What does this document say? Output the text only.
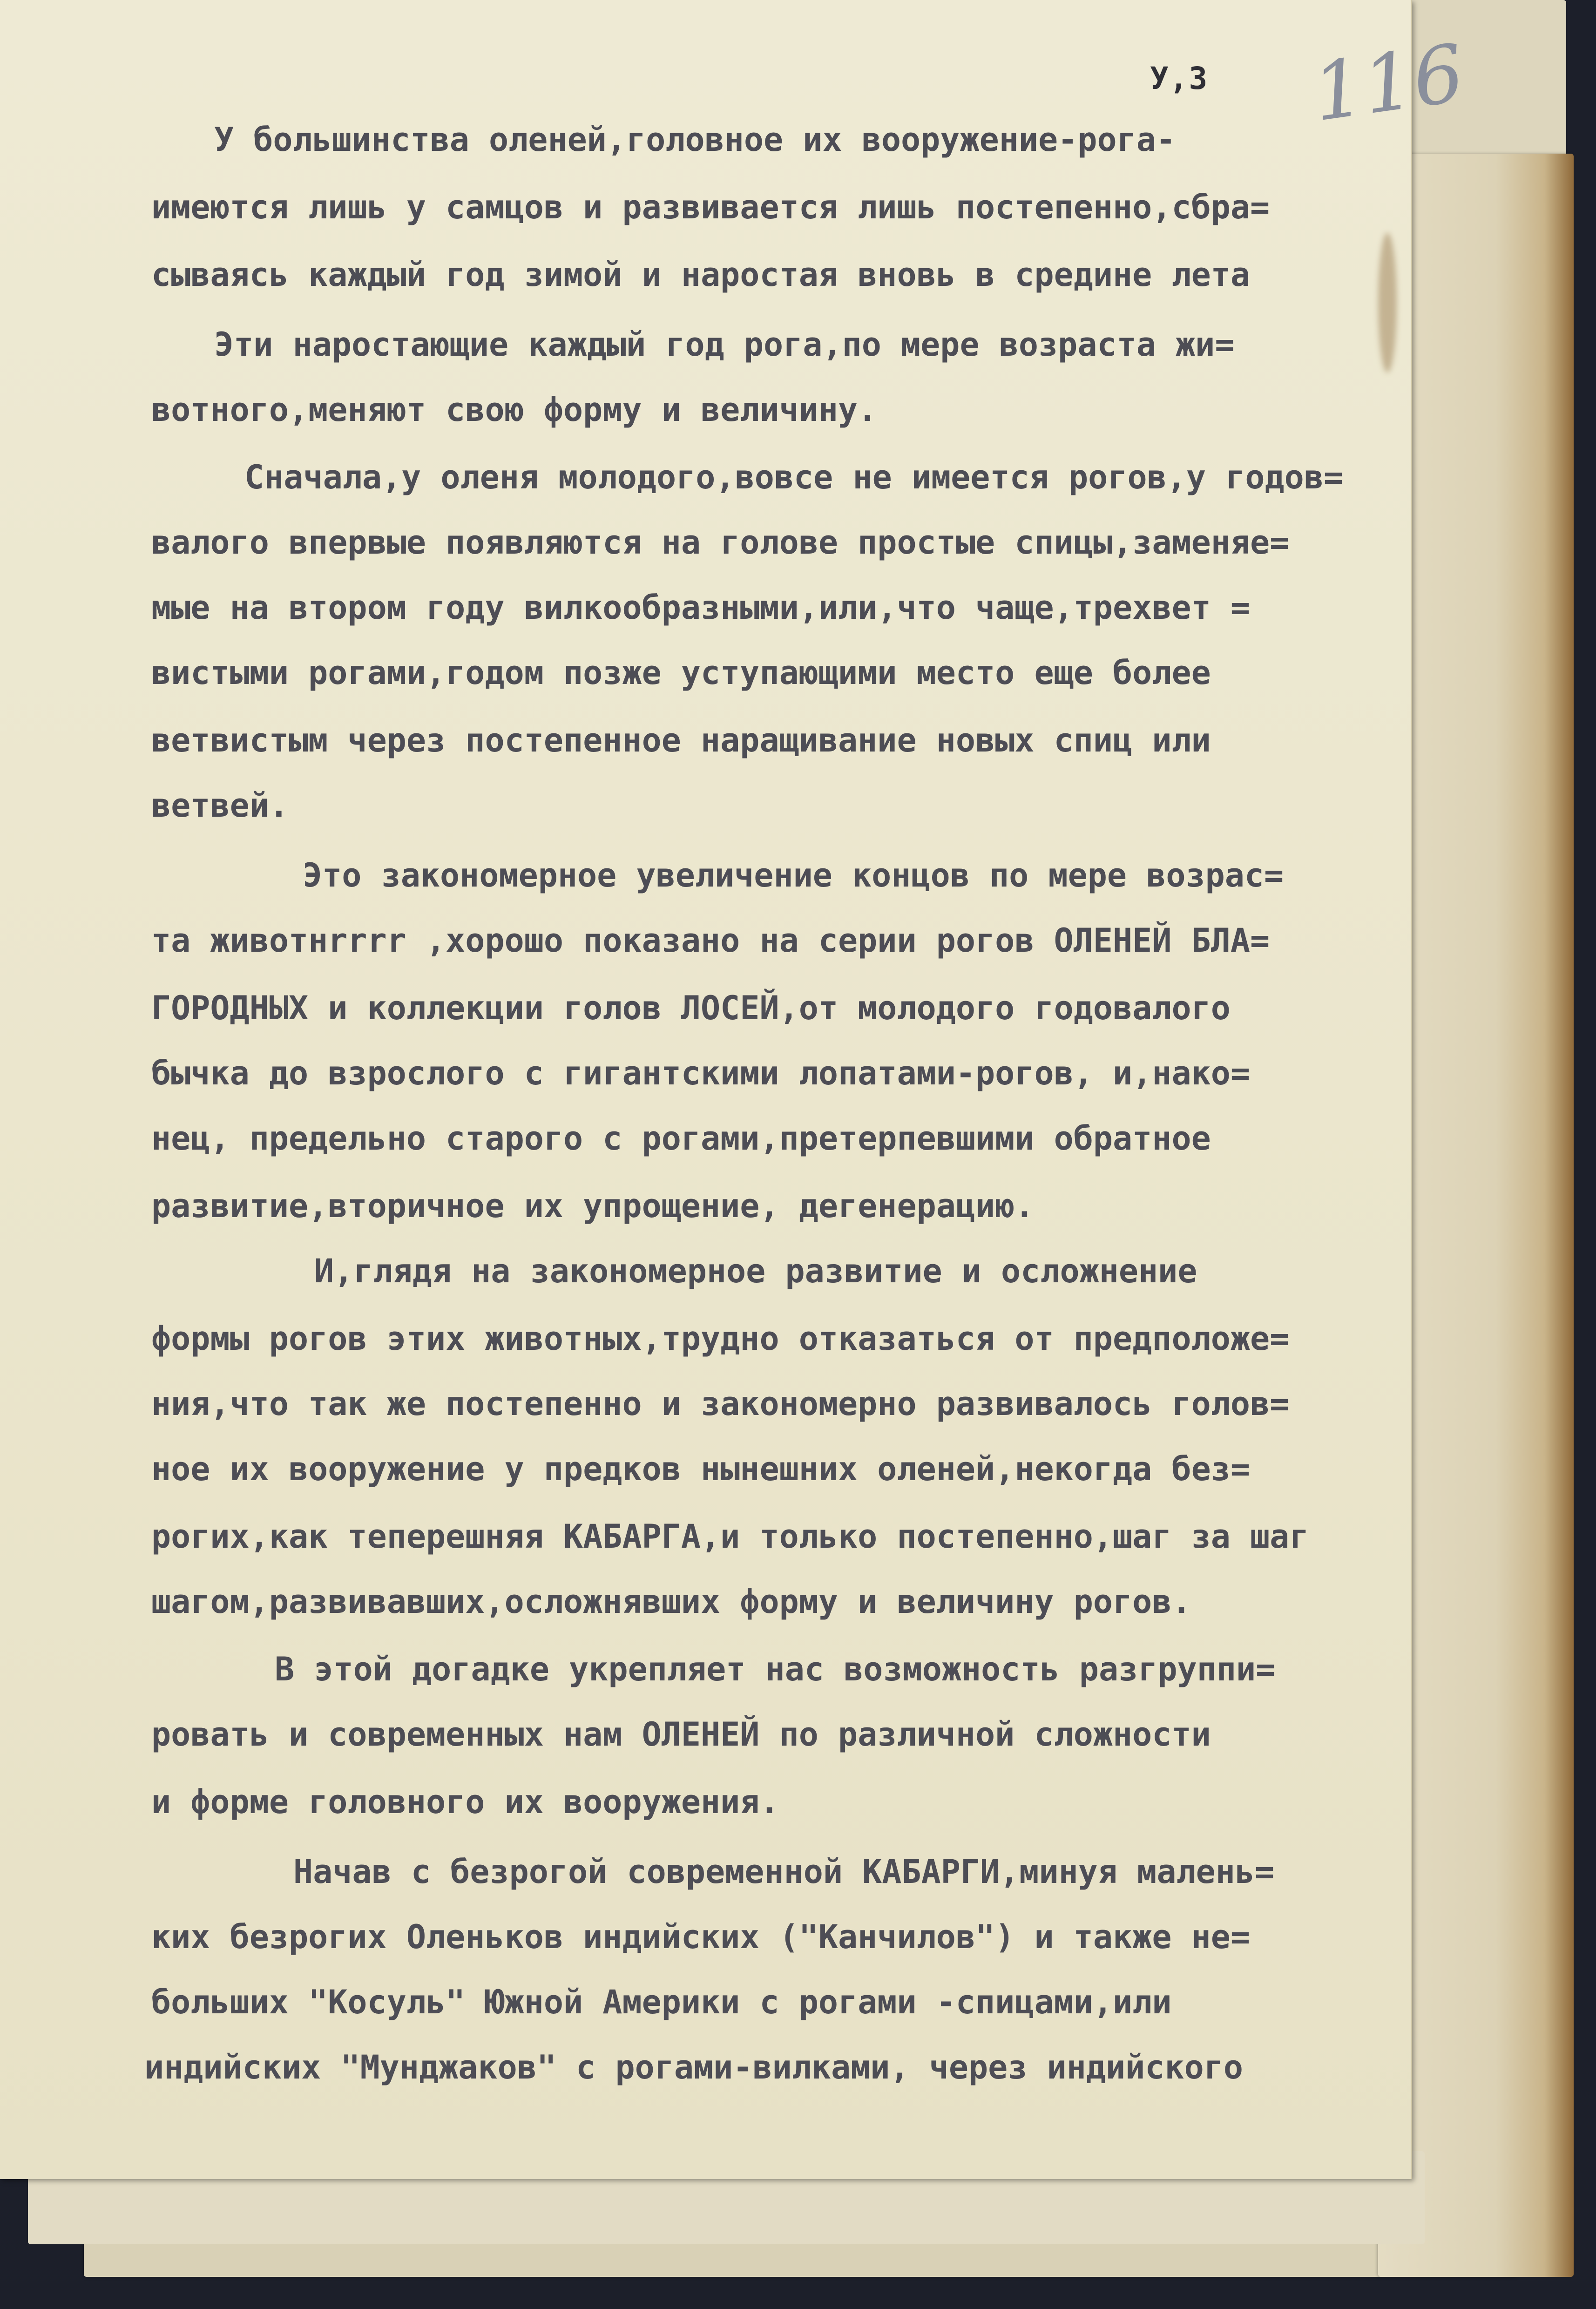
У,3 116
У большинства оленей,головное их вооружение-рога-
имеются лишь у самцов и развивается лишь постепенно,сбра=
сываясь каждый год зимой и наростая вновь в средине лета
Эти наростающие каждый год рога,по мере возраста жи=
вотного,меняют свою форму и величину.
Сначала,у оленя молодого,вовсе не имеется рогов,у годов=
валого впервые появляются на голове простые спицы,заменяе=
мые на втором году вилкообразными,или,что чаще,трехвет =
вистыми рогами,годом позже уступающими место еще более
ветвистым через постепенное наращивание новых спиц или
ветвей.
Это закономерное увеличение концов по мере возрас=
та животнrrrr ,хорошо показано на серии рогов ОЛЕНЕЙ БЛА=
ГОРОДНЫХ и коллекции голов ЛОСЕЙ,от молодого годовалого
бычка до взрослого с гигантскими лопатами-рогов, и,нако=
нец, предельно старого с рогами,претерпевшими обратное
развитие,вторичное их упрощение, дегенерацию.
И,глядя на закономерное развитие и осложнение
формы рогов этих животных,трудно отказаться от предположе=
ния,что так же постепенно и закономерно развивалось голов=
ное их вооружение у предков нынешних оленей,некогда без=
рогих,как теперешняя КАБАРГА,и только постепенно,шаг за шаг
шагом,развивавших,осложнявших форму и величину рогов.
В этой догадке укрепляет нас возможность разгруппи=
ровать и современных нам ОЛЕНЕЙ по различной сложности
и форме головного их вооружения.
Начав с безрогой современной КАБАРГИ,минуя малень=
ких безрогих Оленьков индийских ("Канчилов") и также не=
больших "Косуль" Южной Америки с рогами -спицами,или
индийских "Мунджаков" с рогами-вилками, через индийского
